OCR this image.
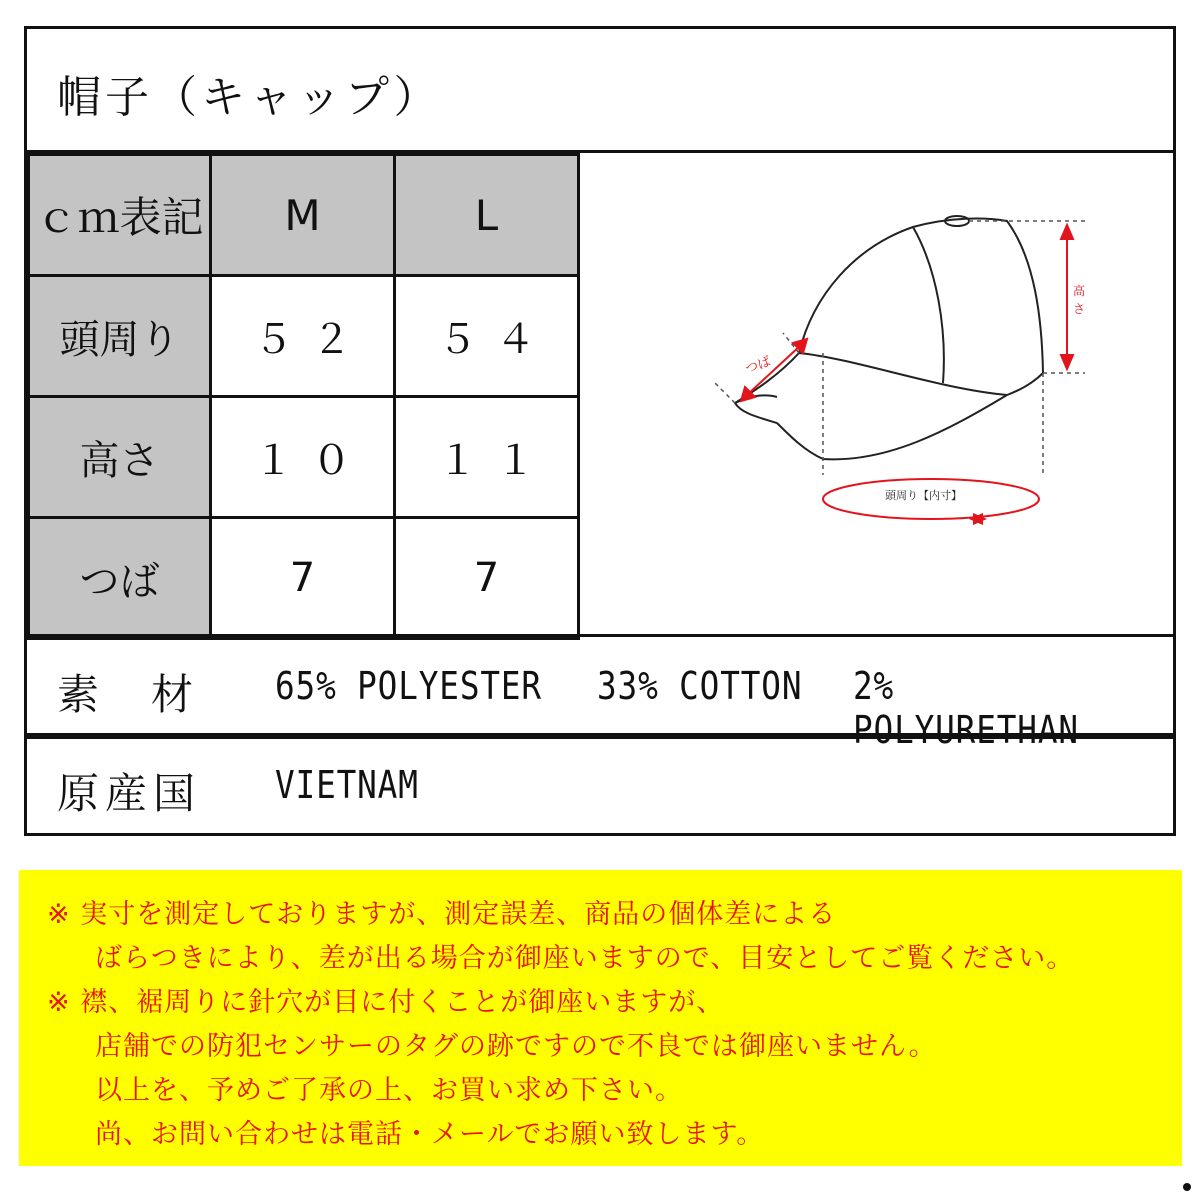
帽子（キャップ）
ｃｍ表記	M	L
頭周り	５２	５４
高さ	１０	１１
つば	7	7
つば
高
さ
頭周り【内寸】
素 材 65% POLYESTER 33% COTTON 2% POLYURETHAN
原産国 VIETNAM
※ 実寸を測定しておりますが、測定誤差、商品の個体差による
ばらつきにより、差が出る場合が御座いますので、目安としてご覧ください。
※ 襟、裾周りに針穴が目に付くことが御座いますが、
店舗での防犯センサーのタグの跡ですので不良では御座いません。
以上を、予めご了承の上、お買い求め下さい。
尚、お問い合わせは電話・メールでお願い致します。
